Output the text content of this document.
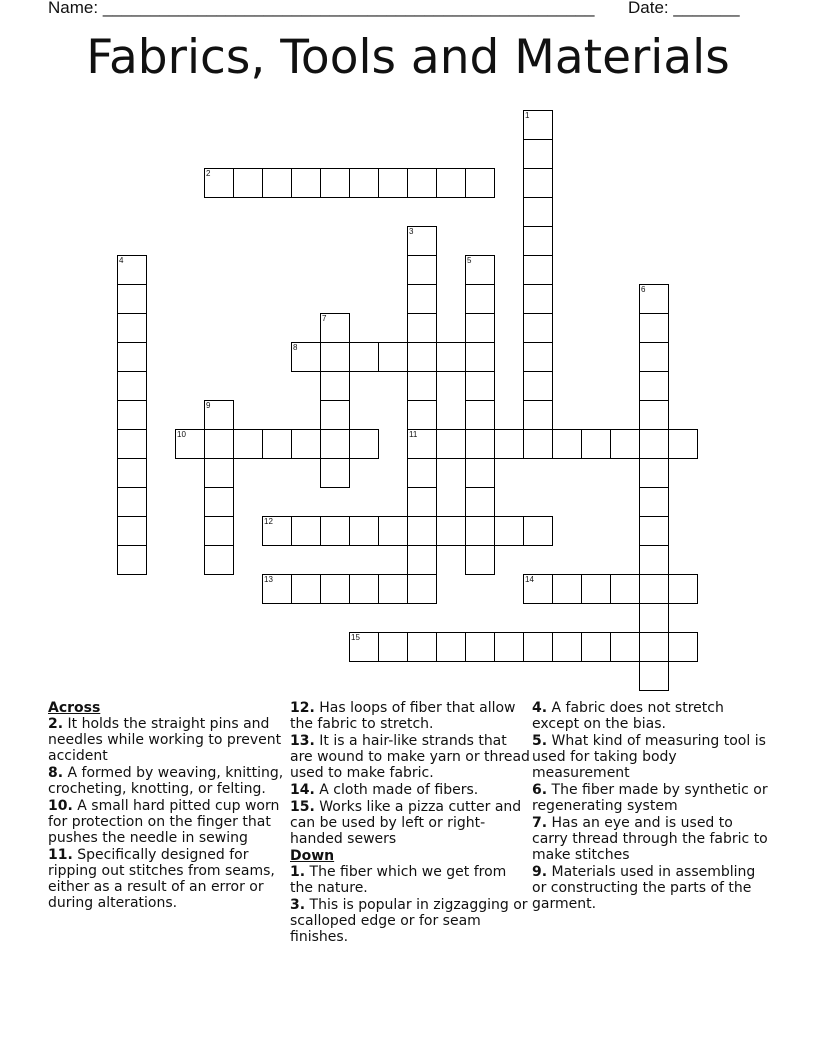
Name: ____________________________________________________ Date: _______
Fabrics, Tools and Materials
1
2
3
11
4	5
6
7
8
9
10
12
13	14
15
Across
2. It holds the straight pins and needles while working to prevent accident
8. A formed by weaving, knitting, crocheting, knotting, or felting.
10. A small hard pitted cup worn for protection on the finger that pushes the needle in sewing
11. Specifically designed for ripping out stitches from seams, either as a result of an error or during alterations.
12. Has loops of fiber that allow the fabric to stretch.
13. It is a hair-like strands that are wound to make yarn or thread used to make fabric.
14. A cloth made of fibers.
15. Works like a pizza cutter and can be used by left or right-handed sewers
Down
1. The fiber which we get from the nature.
3. This is popular in zigzagging or scalloped edge or for seam finishes.
4. A fabric does not stretch except on the bias.
5. What kind of measuring tool is used for taking body measurement
6. The fiber made by synthetic or regenerating system
7. Has an eye and is used to carry thread through the fabric to make stitches
9. Materials used in assembling or constructing the parts of the garment.
